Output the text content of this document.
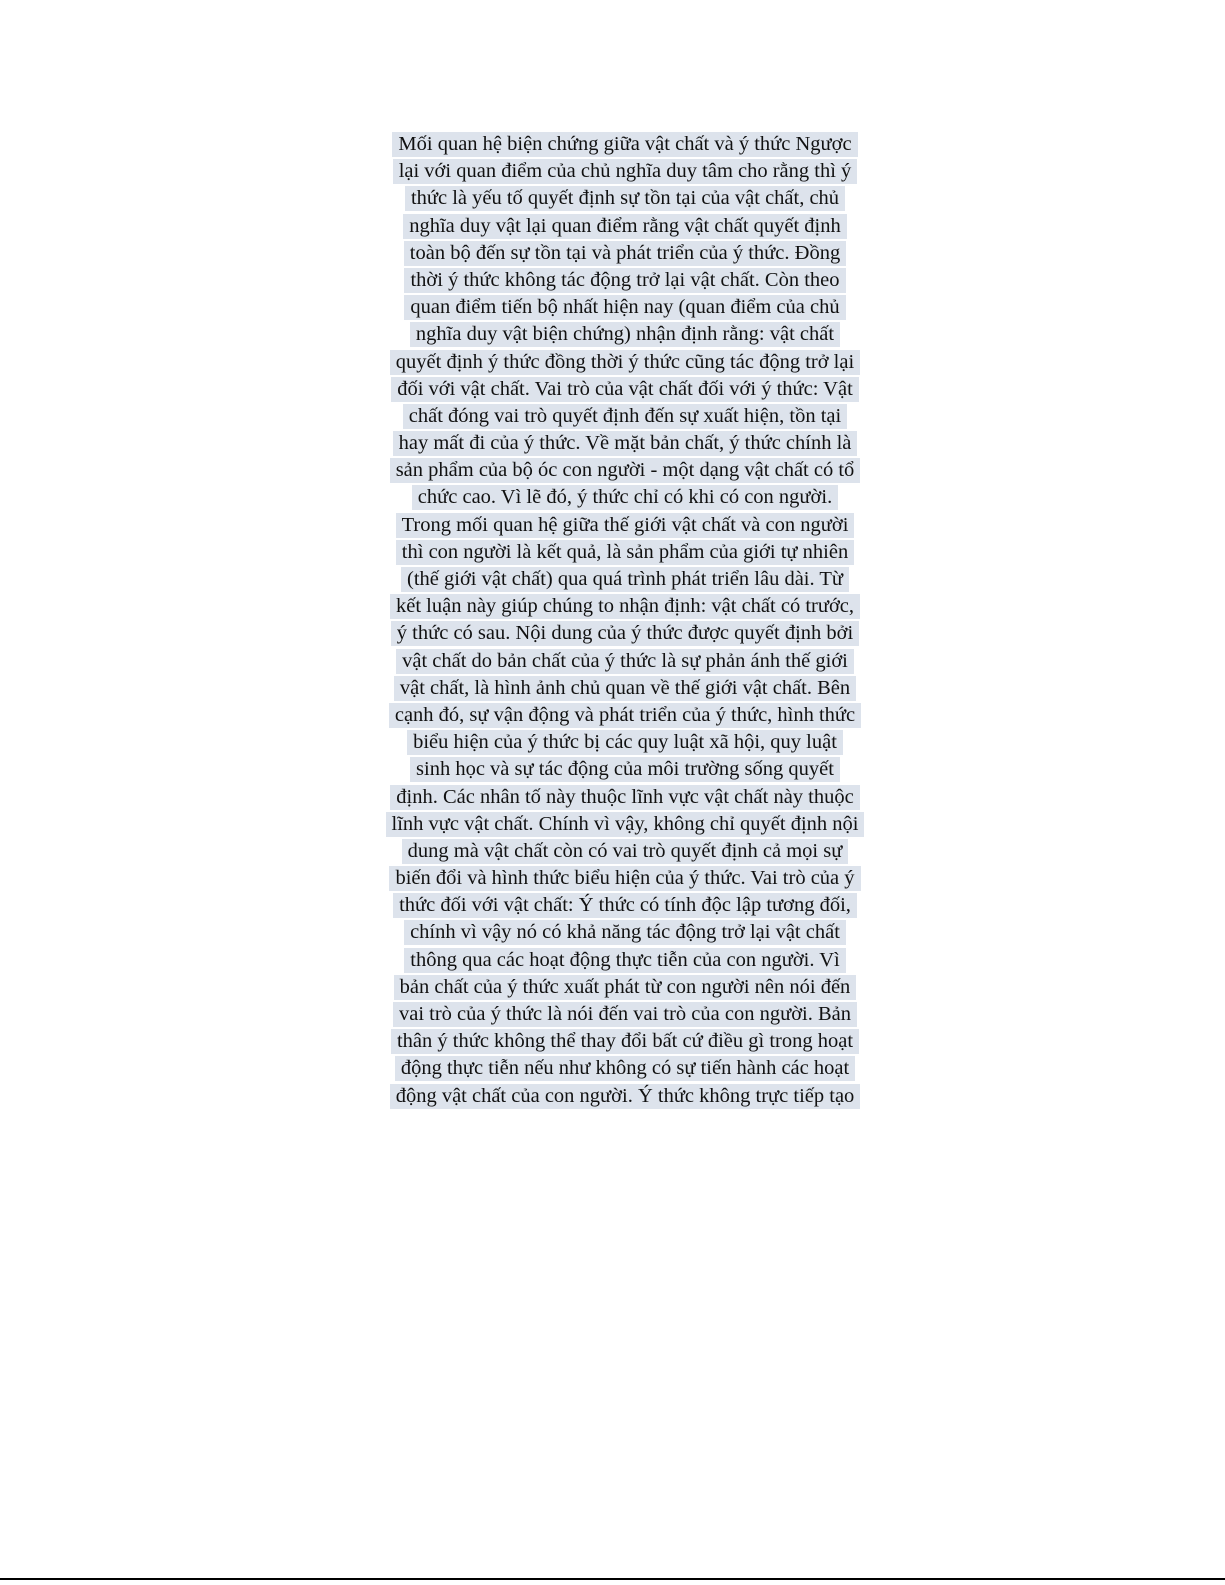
Mối quan hệ biện chứng giữa vật chất và ý thức Ngược
lại với quan điểm của chủ nghĩa duy tâm cho rằng thì ý
thức là yếu tố quyết định sự tồn tại của vật chất, chủ
nghĩa duy vật lại quan điểm rằng vật chất quyết định
toàn bộ đến sự tồn tại và phát triển của ý thức. Đồng
thời ý thức không tác động trở lại vật chất. Còn theo
quan điểm tiến bộ nhất hiện nay (quan điểm của chủ
nghĩa duy vật biện chứng) nhận định rằng: vật chất
quyết định ý thức đồng thời ý thức cũng tác động trở lại
đối với vật chất. Vai trò của vật chất đối với ý thức: Vật
chất đóng vai trò quyết định đến sự xuất hiện, tồn tại
hay mất đi của ý thức. Về mặt bản chất, ý thức chính là
sản phẩm của bộ óc con người - một dạng vật chất có tổ
chức cao. Vì lẽ đó, ý thức chỉ có khi có con người.
Trong mối quan hệ giữa thế giới vật chất và con người
thì con người là kết quả, là sản phẩm của giới tự nhiên
(thế giới vật chất) qua quá trình phát triển lâu dài. Từ
kết luận này giúp chúng to nhận định: vật chất có trước,
ý thức có sau. Nội dung của ý thức được quyết định bởi
vật chất do bản chất của ý thức là sự phản ánh thế giới
vật chất, là hình ảnh chủ quan về thế giới vật chất. Bên
cạnh đó, sự vận động và phát triển của ý thức, hình thức
biểu hiện của ý thức bị các quy luật xã hội, quy luật
sinh học và sự tác động của môi trường sống quyết
định. Các nhân tố này thuộc lĩnh vực vật chất này thuộc
lĩnh vực vật chất. Chính vì vậy, không chỉ quyết định nội
dung mà vật chất còn có vai trò quyết định cả mọi sự
biến đổi và hình thức biểu hiện của ý thức. Vai trò của ý
thức đối với vật chất: Ý thức có tính độc lập tương đối,
chính vì vậy nó có khả năng tác động trở lại vật chất
thông qua các hoạt động thực tiễn của con người. Vì
bản chất của ý thức xuất phát từ con người nên nói đến
vai trò của ý thức là nói đến vai trò của con người. Bản
thân ý thức không thể thay đổi bất cứ điều gì trong hoạt
động thực tiễn nếu như không có sự tiến hành các hoạt
động vật chất của con người. Ý thức không trực tiếp tạo
